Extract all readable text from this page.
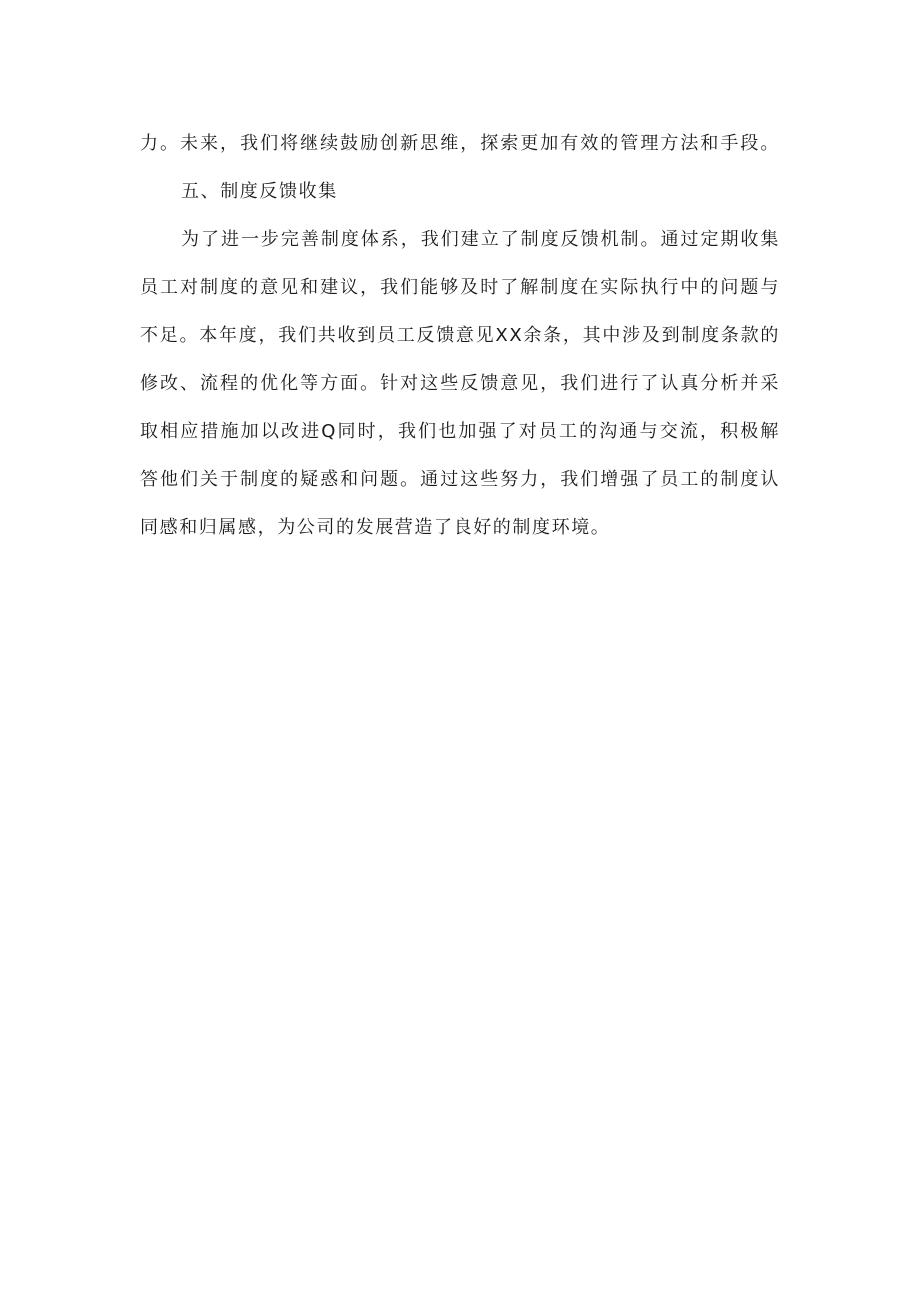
力。未来，我们将继续鼓励创新思维，探索更加有效的管理方法和手段。
五、制度反馈收集
为了进一步完善制度体系，我们建立了制度反馈机制。通过定期收集
员工对制度的意见和建议，我们能够及时了解制度在实际执行中的问题与
不足。本年度，我们共收到员工反馈意见XX余条，其中涉及到制度条款的
修改、流程的优化等方面。针对这些反馈意见，我们进行了认真分析并采
取相应措施加以改进Q同时，我们也加强了对员工的沟通与交流，积极解
答他们关于制度的疑惑和问题。通过这些努力，我们增强了员工的制度认
同感和归属感，为公司的发展营造了良好的制度环境。
